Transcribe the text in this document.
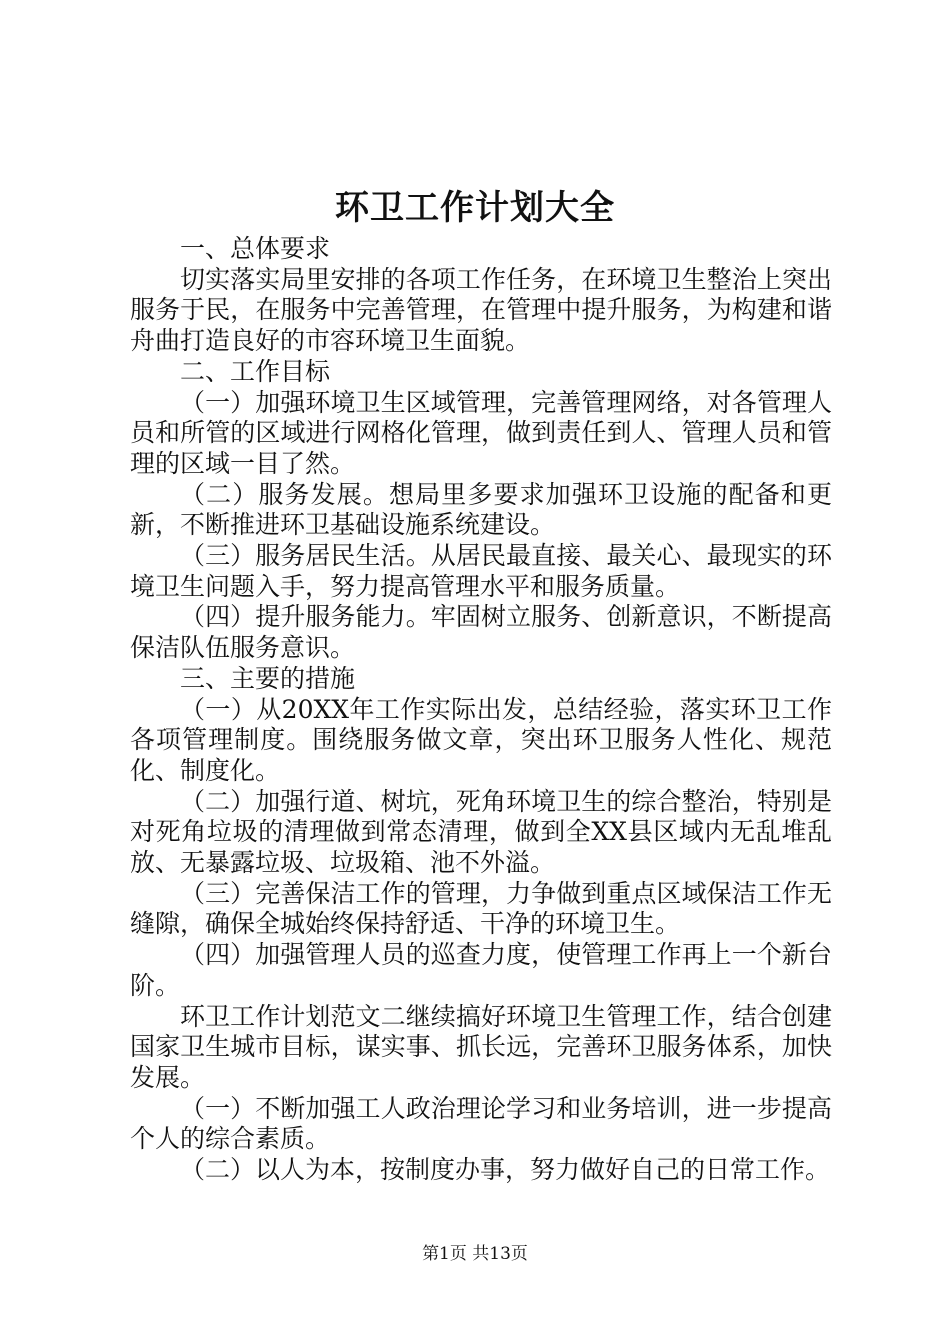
环卫工作计划大全

一、总体要求

切实落实局里安排的各项工作任务，在环境卫生整治上突出服务于民，在服务中完善管理，在管理中提升服务，为构建和谐舟曲打造良好的市容环境卫生面貌。

二、工作目标

（一）加强环境卫生区域管理，完善管理网络，对各管理人员和所管的区域进行网格化管理，做到责任到人、管理人员和管理的区域一目了然。

（二）服务发展。想局里多要求加强环卫设施的配备和更新，不断推进环卫基础设施系统建设。

（三）服务居民生活。从居民最直接、最关心、最现实的环境卫生问题入手，努力提高管理水平和服务质量。

（四）提升服务能力。牢固树立服务、创新意识，不断提高保洁队伍服务意识。

三、主要的措施

（一）从20XX年工作实际出发，总结经验，落实环卫工作各项管理制度。围绕服务做文章，突出环卫服务人性化、规范化、制度化。

（二）加强行道、树坑，死角环境卫生的综合整治，特别是对死角垃圾的清理做到常态清理，做到全XX县区域内无乱堆乱放、无暴露垃圾、垃圾箱、池不外溢。

（三）完善保洁工作的管理，力争做到重点区域保洁工作无缝隙，确保全城始终保持舒适、干净的环境卫生。

（四）加强管理人员的巡查力度，使管理工作再上一个新台阶。

环卫工作计划范文二继续搞好环境卫生管理工作，结合创建国家卫生城市目标，谋实事、抓长远，完善环卫服务体系，加快发展。

（一）不断加强工人政治理论学习和业务培训，进一步提高个人的综合素质。

（二）以人为本，按制度办事，努力做好自己的日常工作。

第1页 共13页
